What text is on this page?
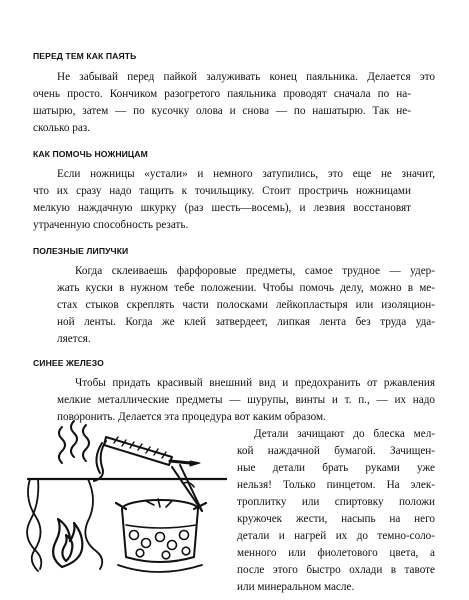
ПЕРЕД ТЕМ КАК ПАЯТЬ
Не забывай перед пайкой залуживать конец паяльника. Делается это
очень просто. Кончиком разогретого паяльника проводят сначала по на-
шатырю, затем — по кусочку олова и снова — по нашатырю. Так не-
сколько раз.
КАК ПОМОЧЬ НОЖНИЦАМ
Если ножницы «устали» и немного затупились, это еще не значит,
что их сразу надо тащить к точильщику. Стоит простричь ножницами
мелкую наждачную шкурку (раз шесть—восемь), и лезвия восстановят
утраченную способность резать.
ПОЛЕЗНЫЕ ЛИПУЧКИ
Когда склеиваешь фарфоровые предметы, самое трудное — удер-
жать куски в нужном тебе положении. Чтобы помочь делу, можно в ме-
стах стыков скреплять части полосками лейкопластыря или изоляцион-
ной ленты. Когда же клей затвердеет, липкая лента без труда уда-
ляется.
СИНЕЕ ЖЕЛЕЗО
Чтобы придать красивый внешний вид и предохранить от ржавления
мелкие металлические предметы — шурупы, винты и т. п., — их надо
поворонить. Делается эта процедура вот каким образом.
Детали зачищают до блеска мел-
кой наждачной бумагой. Зачищен-
ные детали брать руками уже
нельзя! Только пинцетом. На элек-
троплитку или спиртовку положи
кружочек жести, насыпь на него
детали и нагрей их до темно-соло-
менного или фиолетового цвета, а
после этого быстро охлади в тавоте
или минеральном масле.
